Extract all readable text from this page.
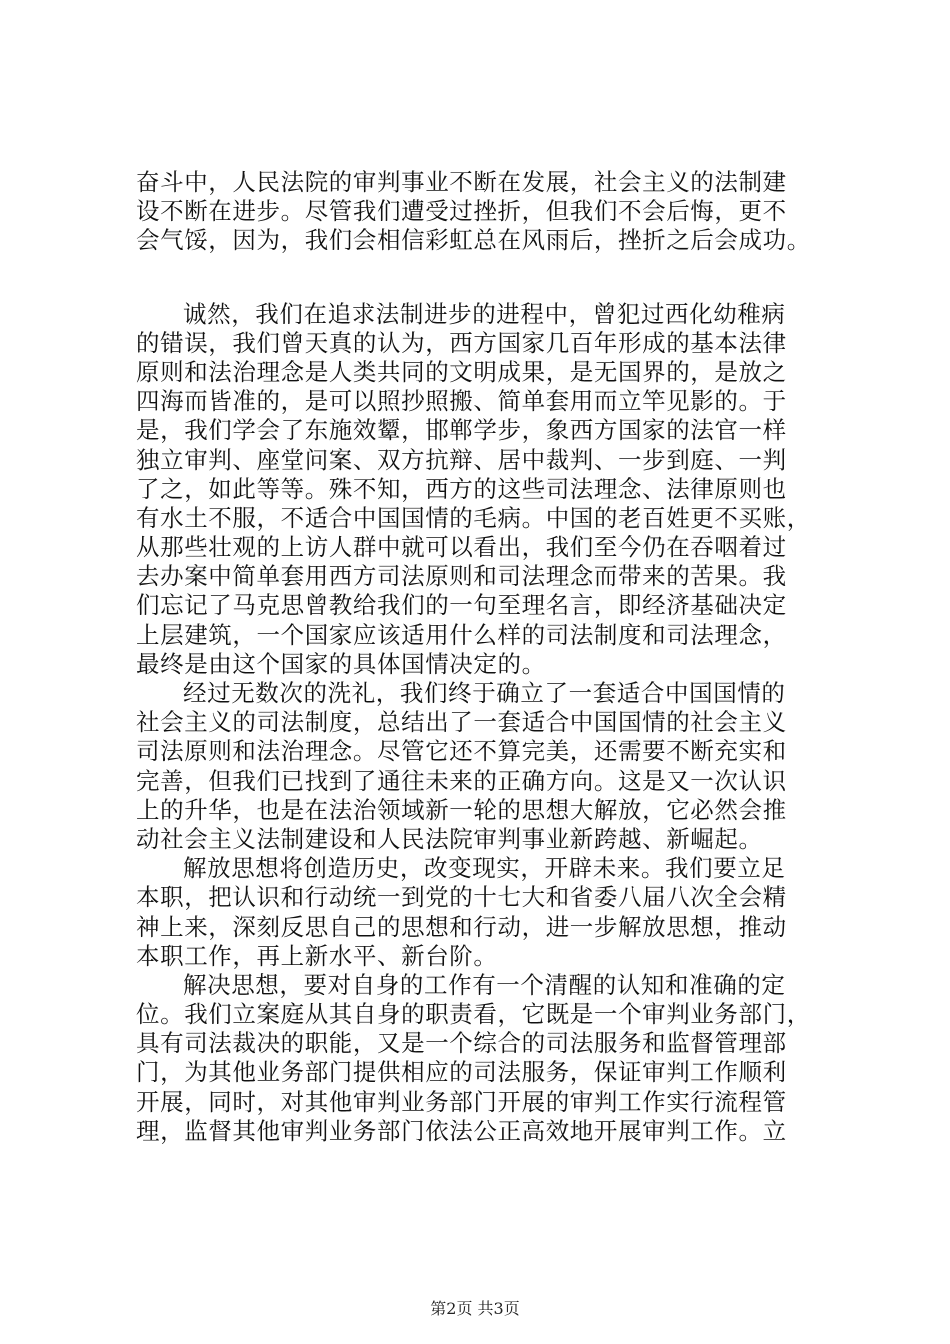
奋斗中，人民法院的审判事业不断在发展，社会主义的法制建
设不断在进步。尽管我们遭受过挫折，但我们不会后悔，更不
会气馁，因为，我们会相信彩虹总在风雨后，挫折之后会成功。
诚然，我们在追求法制进步的进程中，曾犯过西化幼稚病
的错误，我们曾天真的认为，西方国家几百年形成的基本法律
原则和法治理念是人类共同的文明成果，是无国界的，是放之
四海而皆准的，是可以照抄照搬、简单套用而立竿见影的。于
是，我们学会了东施效颦，邯郸学步，象西方国家的法官一样
独立审判、座堂问案、双方抗辩、居中裁判、一步到庭、一判
了之，如此等等。殊不知，西方的这些司法理念、法律原则也
有水土不服，不适合中国国情的毛病。中国的老百姓更不买账，
从那些壮观的上访人群中就可以看出，我们至今仍在吞咽着过
去办案中简单套用西方司法原则和司法理念而带来的苦果。我
们忘记了马克思曾教给我们的一句至理名言，即经济基础决定
上层建筑，一个国家应该适用什么样的司法制度和司法理念，
最终是由这个国家的具体国情决定的。
经过无数次的洗礼，我们终于确立了一套适合中国国情的
社会主义的司法制度，总结出了一套适合中国国情的社会主义
司法原则和法治理念。尽管它还不算完美，还需要不断充实和
完善，但我们已找到了通往未来的正确方向。这是又一次认识
上的升华，也是在法治领域新一轮的思想大解放，它必然会推
动社会主义法制建设和人民法院审判事业新跨越、新崛起。
解放思想将创造历史，改变现实，开辟未来。我们要立足
本职，把认识和行动统一到党的十七大和省委八届八次全会精
神上来，深刻反思自己的思想和行动，进一步解放思想，推动
本职工作，再上新水平、新台阶。
解决思想，要对自身的工作有一个清醒的认知和准确的定
位。我们立案庭从其自身的职责看，它既是一个审判业务部门，
具有司法裁决的职能，又是一个综合的司法服务和监督管理部
门，为其他业务部门提供相应的司法服务，保证审判工作顺利
开展，同时，对其他审判业务部门开展的审判工作实行流程管
理，监督其他审判业务部门依法公正高效地开展审判工作。立
第2页 共3页
